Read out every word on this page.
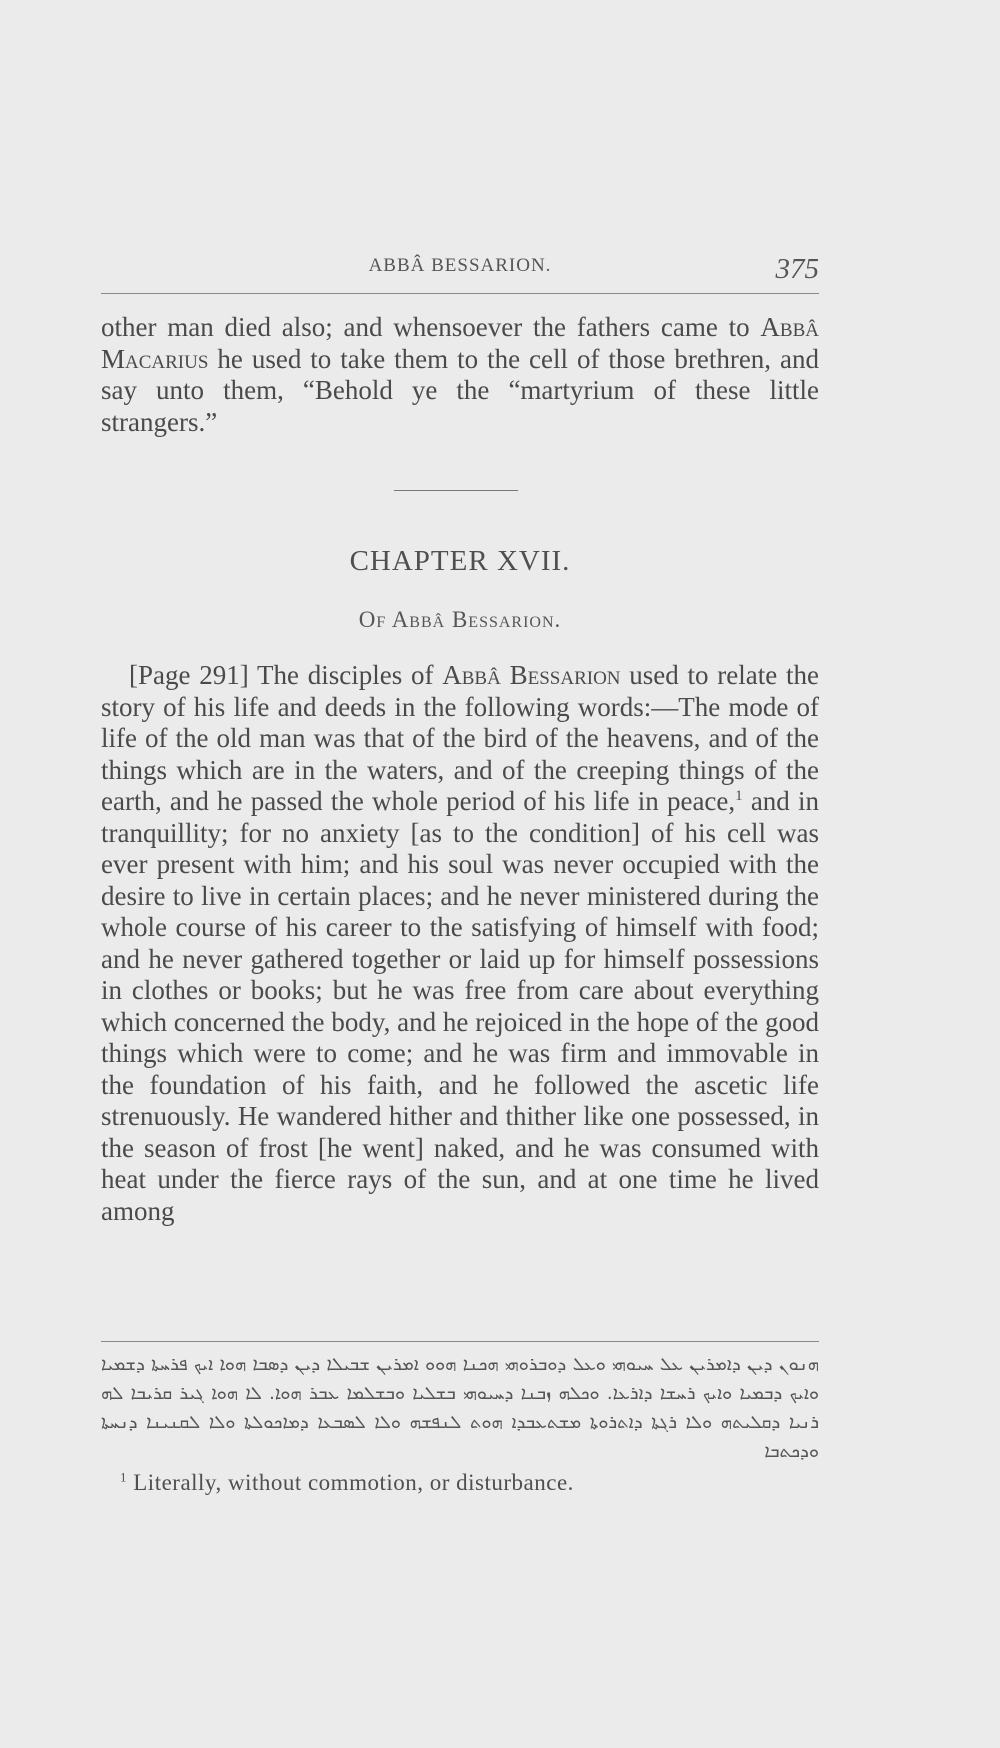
ABBÂ BESSARION.	375
other man died also; and whensoever the fathers came to Abbâ Macarius he used to take them to the cell of those brethren, and say unto them, “Behold ye the “martyrium of these little strangers.”
CHAPTER XVII.
Of Abbâ Bessarion.
[Page 291] The disciples of Abbâ Bessarion used to relate the story of his life and deeds in the following words:—The mode of life of the old man was that of the bird of the heavens, and of the things which are in the waters, and of the creeping things of the earth, and he passed the whole period of his life in peace,$^1$ and in tranquillity; for no anxiety [as to the condition] of his cell was ever present with him; and his soul was never occupied with the desire to live in certain places; and he never ministered during the whole course of his career to the satisfying of himself with food; and he never gathered together or laid up for himself possessions in clothes or books; but he was free from care about everything which concerned the body, and he rejoiced in the hope of the good things which were to come; and he was firm and immovable in the foundation of his faith, and he followed the ascetic life strenuously. He wandered hither and thither like one possessed, in the season of frost [he went] naked, and he was consumed with heat under the fierce rays of the sun, and at one time he lived among
ܗܢܘܢ ܕܝܢ ܕܐܡܪܝܢ ܥܠ ܚܝܘܗܝ ܘܥܠ ܕܘܒܪܘܗܝ ܗܟܢܐ ܗܘܘ ܐܡܪܝܢ ܫܒܝܠܐ ܕܝܢ ܕܣܒܐ ܗܘܐ ܐܝܟ ܦܪܚܬܐ ܕܫܡܝܐ ܘܐܝܟ ܕܒܡܝܐ ܘܐܝܟ ܪܚܫܐ ܕܐܪܥܐ. ܘܟܠܗ ܙܒܢܐ ܕܚܝܘܗܝ ܒܫܠܝܐ ܘܒܫܠܡܐ ܥܒܪ ܗܘܐ. ܠܐ ܗܘܐ ܓܝܪ ܩܪܝܒܐ ܠܗ ܪܢܝܐ ܕܩܠܝܬܗ ܘܠܐ ܪܓܬܐ ܕܐܬܪܘܬܐ ܡܫܬܥܒܕܐ ܗܘܬ ܠܢܦܫܗ ܘܠܐ ܠܣܒܥܐ ܕܡܐܟܘܠܬܐ ܘܠܐ ܠܩܢܝܢܐ ܕܢܚܬܐ ܘܕܟܬܒܐ
$^1$ Literally, without commotion, or disturbance.
